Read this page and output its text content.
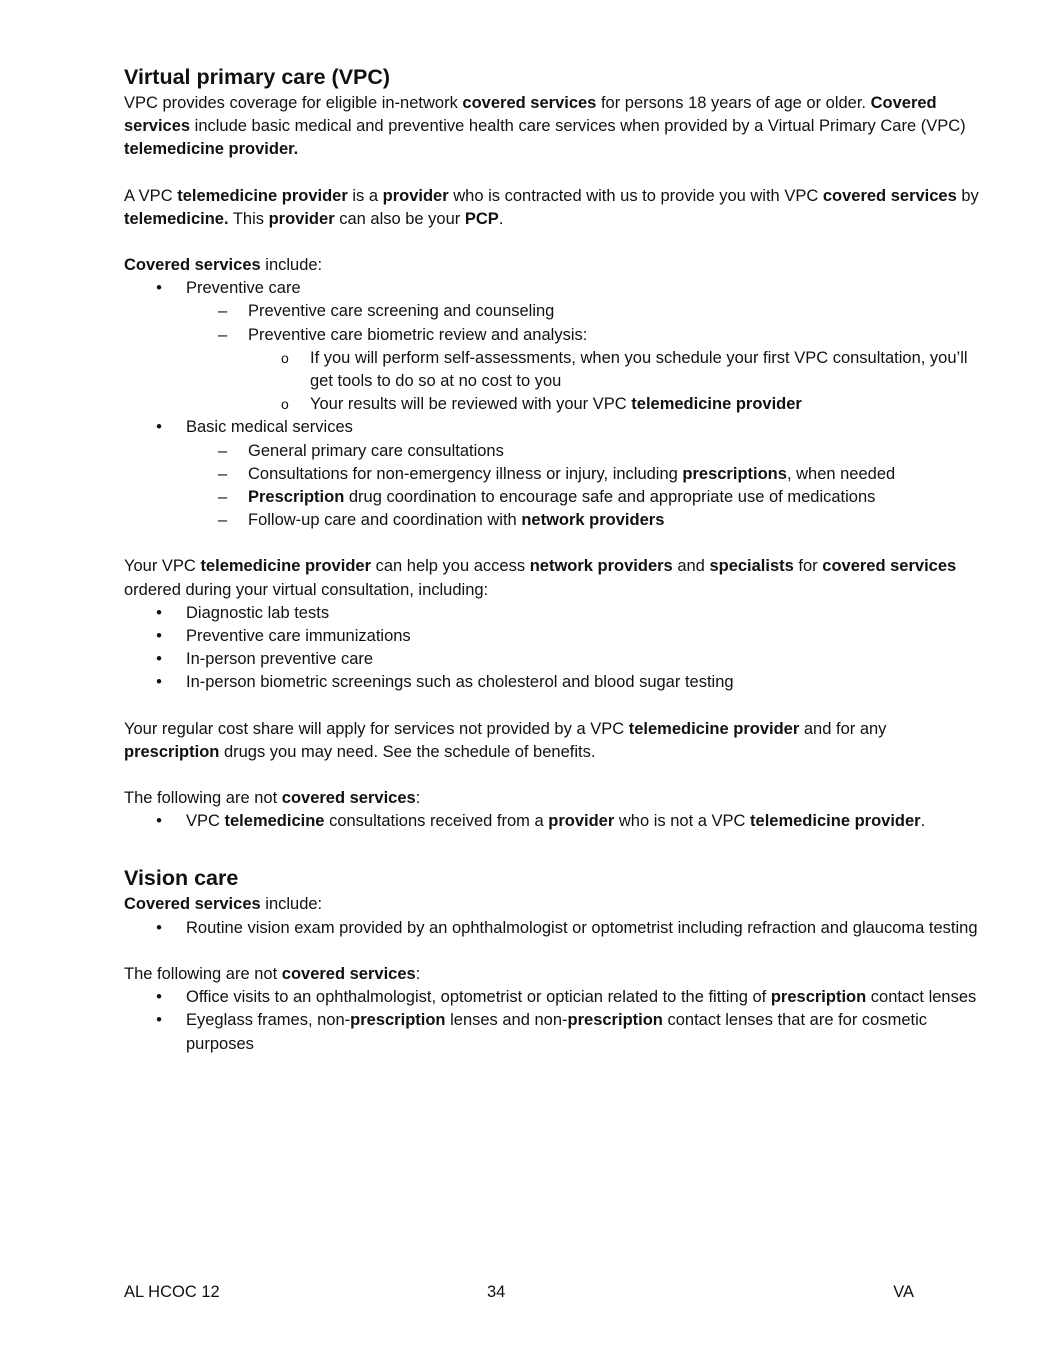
Virtual primary care (VPC)

VPC provides coverage for eligible in-network covered services for persons 18 years of age or older. Covered services include basic medical and preventive health care services when provided by a Virtual Primary Care (VPC) telemedicine provider.

A VPC telemedicine provider is a provider who is contracted with us to provide you with VPC covered services by telemedicine. This provider can also be your PCP.

Covered services include:

• Preventive care
– Preventive care screening and counseling
– Preventive care biometric review and analysis:
o If you will perform self-assessments, when you schedule your first VPC consultation, you’ll get tools to do so at no cost to you
o Your results will be reviewed with your VPC telemedicine provider
• Basic medical services
– General primary care consultations
– Consultations for non-emergency illness or injury, including prescriptions, when needed
– Prescription drug coordination to encourage safe and appropriate use of medications
– Follow-up care and coordination with network providers

Your VPC telemedicine provider can help you access network providers and specialists for covered services ordered during your virtual consultation, including:

• Diagnostic lab tests
• Preventive care immunizations
• In-person preventive care
• In-person biometric screenings such as cholesterol and blood sugar testing

Your regular cost share will apply for services not provided by a VPC telemedicine provider and for any prescription drugs you may need. See the schedule of benefits.

The following are not covered services:

• VPC telemedicine consultations received from a provider who is not a VPC telemedicine provider.
Vision care

Covered services include:

• Routine vision exam provided by an ophthalmologist or optometrist including refraction and glaucoma testing

The following are not covered services:

• Office visits to an ophthalmologist, optometrist or optician related to the fitting of prescription contact lenses
• Eyeglass frames, non-prescription lenses and non-prescription contact lenses that are for cosmetic purposes
AL HCOC 12	34	VA
